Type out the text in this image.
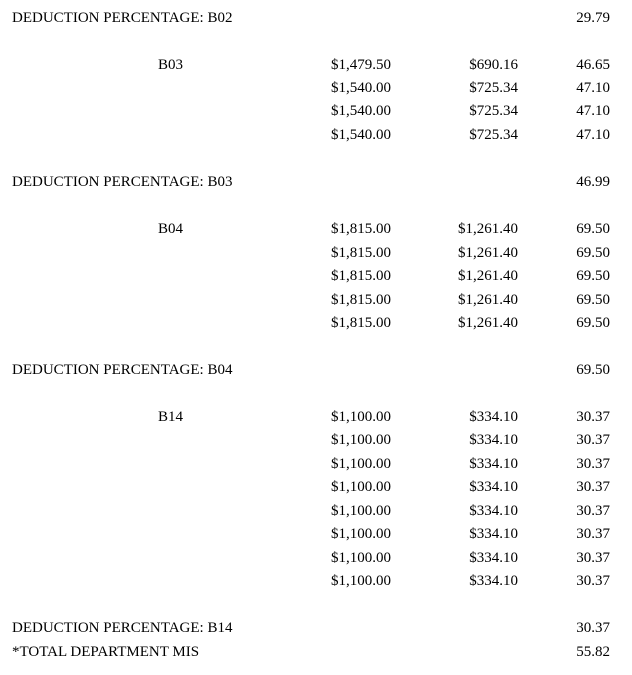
DEDUCTION PERCENTAGE: B02	29.79
B03	$1,479.50	$690.16	46.65
$1,540.00	$725.34	47.10
$1,540.00	$725.34	47.10
$1,540.00	$725.34	47.10
DEDUCTION PERCENTAGE: B03	46.99
B04	$1,815.00	$1,261.40	69.50
$1,815.00	$1,261.40	69.50
$1,815.00	$1,261.40	69.50
$1,815.00	$1,261.40	69.50
$1,815.00	$1,261.40	69.50
DEDUCTION PERCENTAGE: B04	69.50
B14	$1,100.00	$334.10	30.37
$1,100.00	$334.10	30.37
$1,100.00	$334.10	30.37
$1,100.00	$334.10	30.37
$1,100.00	$334.10	30.37
$1,100.00	$334.10	30.37
$1,100.00	$334.10	30.37
$1,100.00	$334.10	30.37
DEDUCTION PERCENTAGE: B14	30.37
*TOTAL DEPARTMENT MIS	55.82
